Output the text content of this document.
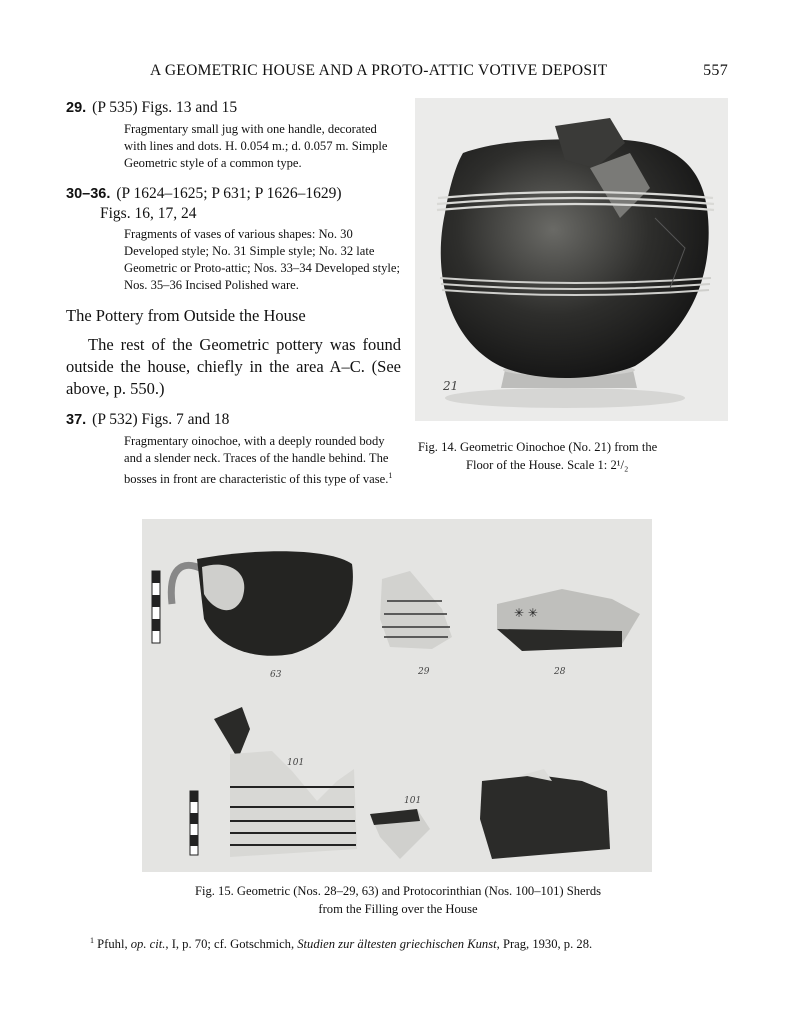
A GEOMETRIC HOUSE AND A PROTO-ATTIC VOTIVE DEPOSIT	557
29. (P 535) Figs. 13 and 15
Fragmentary small jug with one handle, decorated with lines and dots. H. 0.054 m.; d. 0.057 m. Simple Geometric style of a common type.
30–36. (P 1624–1625; P 631; P 1626–1629)
Figs. 16, 17, 24
Fragments of vases of various shapes: No. 30 Developed style; No. 31 Simple style; No. 32 late Geometric or Proto-attic; Nos. 33–34 Developed style; Nos. 35–36 Incised Polished ware.
The Pottery from Outside the House
The rest of the Geometric pottery was found outside the house, chiefly in the area A–C. (See above, p. 550.)
37. (P 532) Figs. 7 and 18
Fragmentary oinochoe, with a deeply rounded body and a slender neck. Traces of the handle behind. The bosses in front are characteristic of this type of vase.$^1$
21
Fig. 14. Geometric Oinochoe (No. 21) from the
Floor of the House. Scale 1: 2¹/₂
✳ ✳
63	29	28
101
101
Fig. 15. Geometric (Nos. 28–29, 63) and Protocorinthian (Nos. 100–101) Sherds
from the Filling over the House
$^1$ Pfuhl, op. cit., I, p. 70; cf. Gotschmich, Studien zur ältesten griechischen Kunst, Prag, 1930, p. 28.
